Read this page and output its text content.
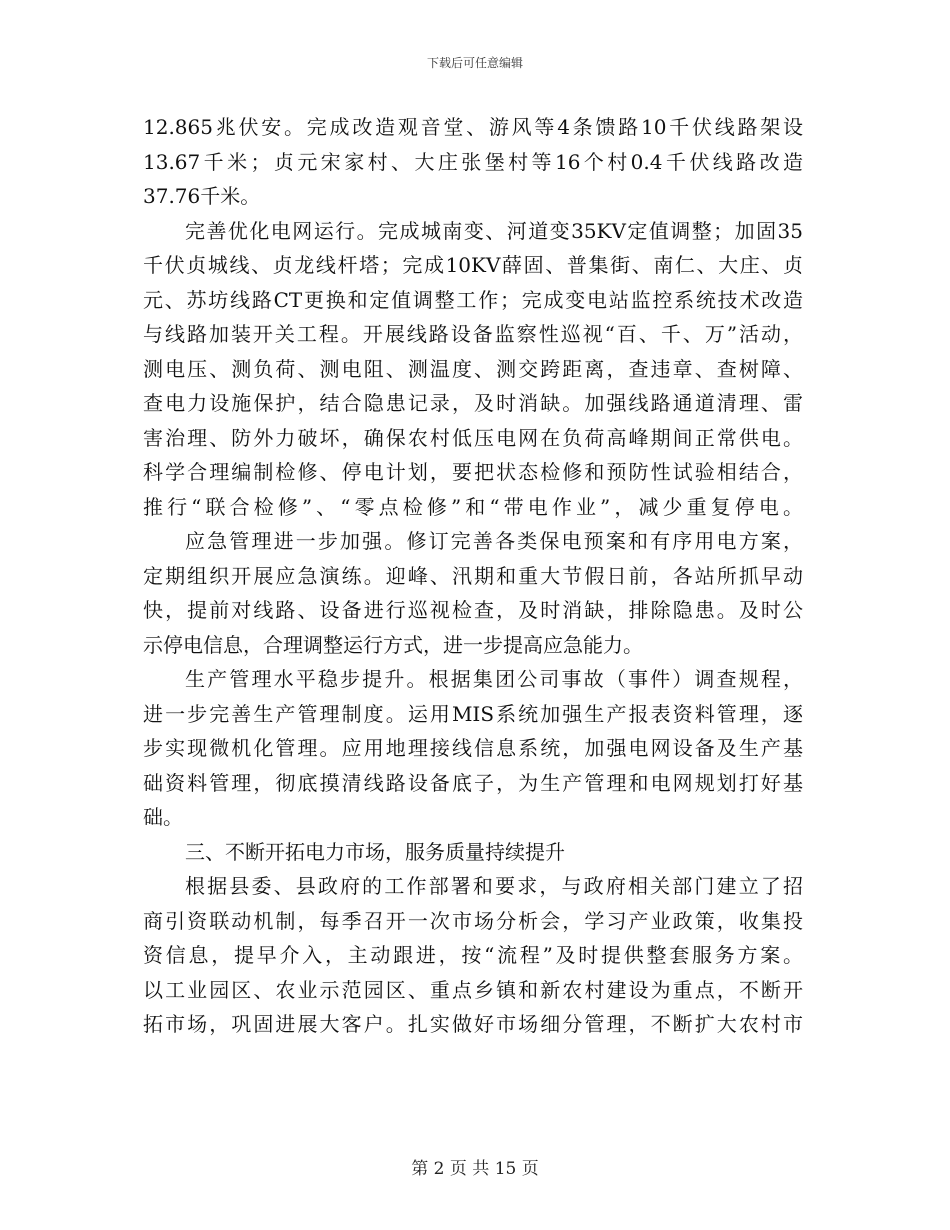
下载后可任意编辑
12.865兆伏安。完成改造观音堂、游风等4条馈路10千伏线路架设
13.67千米；贞元宋家村、大庄张堡村等16个村0.4千伏线路改造
37.76千米。
完善优化电网运行。完成城南变、河道变35KV定值调整；加固35
千伏贞城线、贞龙线杆塔；完成10KV薛固、普集街、南仁、大庄、贞
元、苏坊线路CT更换和定值调整工作；完成变电站监控系统技术改造
与线路加装开关工程。开展线路设备监察性巡视“百、千、万”活动，
测电压、测负荷、测电阻、测温度、测交跨距离，查违章、查树障、
查电力设施保护，结合隐患记录，及时消缺。加强线路通道清理、雷
害治理、防外力破坏，确保农村低压电网在负荷高峰期间正常供电。
科学合理编制检修、停电计划，要把状态检修和预防性试验相结合，
推行“联合检修”、“零点检修”和“带电作业”，减少重复停电。
应急管理进一步加强。修订完善各类保电预案和有序用电方案，
定期组织开展应急演练。迎峰、汛期和重大节假日前，各站所抓早动
快，提前对线路、设备进行巡视检查，及时消缺，排除隐患。及时公
示停电信息，合理调整运行方式，进一步提高应急能力。
生产管理水平稳步提升。根据集团公司事故（事件）调查规程，
进一步完善生产管理制度。运用MIS系统加强生产报表资料管理，逐
步实现微机化管理。应用地理接线信息系统，加强电网设备及生产基
础资料管理，彻底摸清线路设备底子，为生产管理和电网规划打好基
础。
三、不断开拓电力市场，服务质量持续提升
根据县委、县政府的工作部署和要求，与政府相关部门建立了招
商引资联动机制，每季召开一次市场分析会，学习产业政策，收集投
资信息，提早介入，主动跟进，按“流程”及时提供整套服务方案。
以工业园区、农业示范园区、重点乡镇和新农村建设为重点，不断开
拓市场，巩固进展大客户。扎实做好市场细分管理，不断扩大农村市
第 2 页 共 15 页
